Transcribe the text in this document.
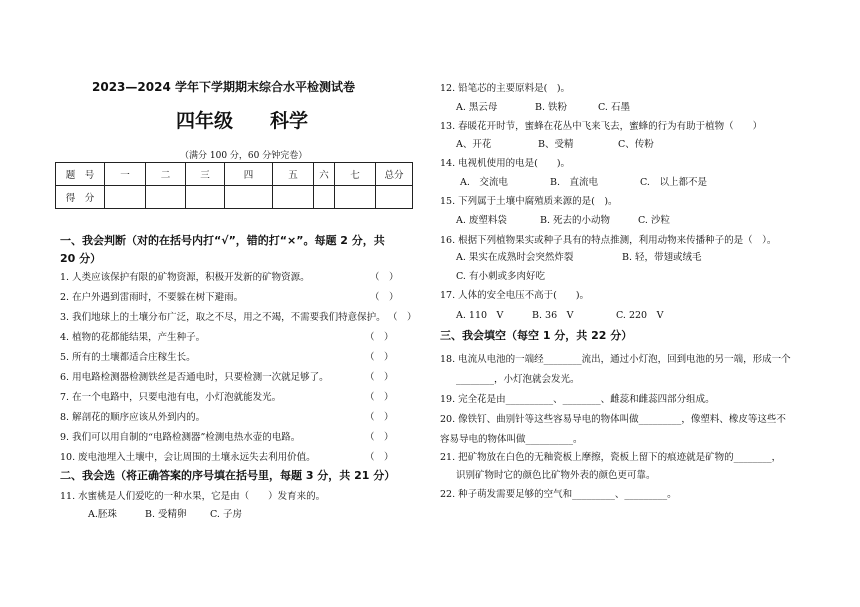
2023—2024 学年下学期期末综合水平检测试卷
四年级 科学
（满分 100 分，60 分钟完卷）
题　号	一	二	三	四	五	六	七	总分
得　分								
一、我会判断（对的在括号内打“√”，错的打“×”。每题 2 分，共
20 分）
1. 人类应该保护有限的矿物资源，积极开发新的矿物资源。	（　）
2. 在户外遇到雷雨时，不要躲在树下避雨。	（　）
3. 我们地球上的土壤分布广泛，取之不尽，用之不竭，不需要我们特意保护。 （　）
4. 植物的花都能结果，产生种子。	（　）
5. 所有的土壤都适合庄稼生长。	（　）
6. 用电路检测器检测铁丝是否通电时，只要检测一次就足够了。	（　）
7. 在一个电路中，只要电池有电，小灯泡就能发光。	（　）
8. 解剖花的顺序应该从外到内的。	（　）
9. 我们可以用自制的“电路检测器”检测电热水壶的电路。	（　）
10. 废电池埋入土壤中，会让周围的土壤永远失去利用价值。	（　）
二、我会选（将正确答案的序号填在括号里，每题 3 分，共 21 分）
11. 水蜜桃是人们爱吃的一种水果，它是由（　　）发育来的。
A.胚珠	B. 受精卵 C. 子房
12. 铅笔芯的主要原料是(　)。
A. 黑云母	B. 铁粉	C. 石墨
13. 春暖花开时节，蜜蜂在花丛中飞来飞去，蜜蜂的行为有助于植物（　　）
A、开花	B、受精	C、传粉
14. 电视机使用的电是(　　)。
A.　交流电	B.　直流电	C.　以上都不是
15. 下列属于土壤中腐殖质来源的是(　)。
A. 废塑料袋	B. 死去的小动物	C. 沙粒
16. 根据下列植物果实或种子具有的特点推测，利用动物来传播种子的是（　）。
A. 果实在成熟时会突然炸裂	B. 轻，带翅或绒毛
C. 有小刺或多肉好吃
17. 人体的安全电压不高于(　　)。
A. 110　V	B. 36　V	C. 220　V
三、我会填空（每空 1 分，共 22 分）
18. 电流从电池的一端经________流出，通过小灯泡，回到电池的另一端，形成一个
________，小灯泡就会发光。
19. 完全花是由__________、________、雌蕊和雌蕊四部分组成。
20. 像铁钉、曲别针等这些容易导电的物体叫做_________，像塑料、橡皮等这些不
容易导电的物体叫做__________。
21. 把矿物放在白色的无釉瓷板上摩擦，瓷板上留下的痕迹就是矿物的________，
识别矿物时它的颜色比矿物外表的颜色更可靠。
22. 种子萌发需要足够的空气和_________、_________。
